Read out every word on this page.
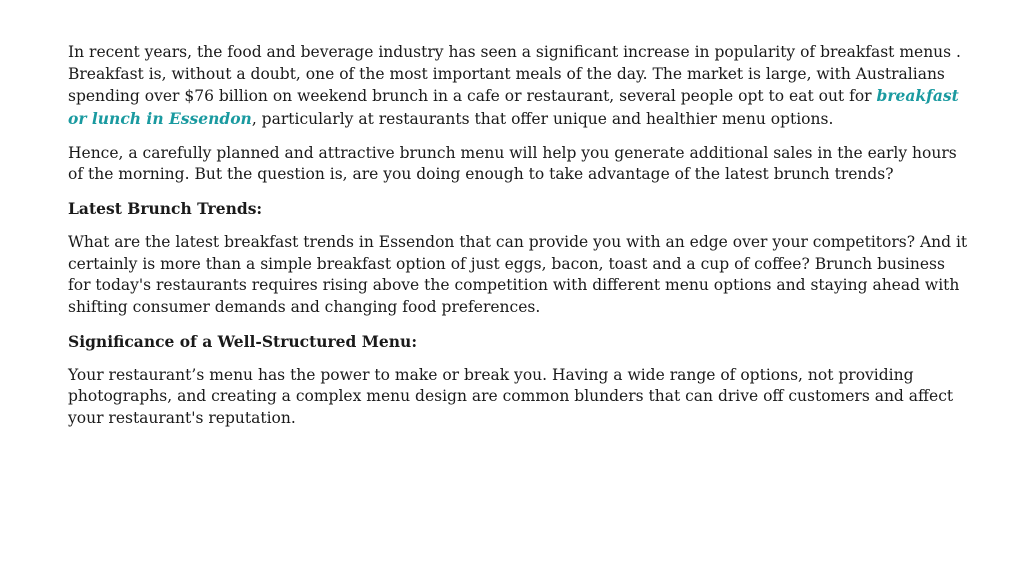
In recent years, the food and beverage industry has seen a significant increase in popularity of breakfast menus . Breakfast is, without a doubt, one of the most important meals of the day. The market is large, with Australians spending over $76 billion on weekend brunch in a cafe or restaurant, several people opt to eat out for breakfast or lunch in Essendon, particularly at restaurants that offer unique and healthier menu options.

Hence, a carefully planned and attractive brunch menu will help you generate additional sales in the early hours of the morning. But the question is, are you doing enough to take advantage of the latest brunch trends?

Latest Brunch Trends:

What are the latest breakfast trends in Essendon that can provide you with an edge over your competitors? And it certainly is more than a simple breakfast option of just eggs, bacon, toast and a cup of coffee? Brunch business for today's restaurants requires rising above the competition with different menu options and staying ahead with shifting consumer demands and changing food preferences.

Significance of a Well-Structured Menu:

Your restaurant’s menu has the power to make or break you. Having a wide range of options, not providing photographs, and creating a complex menu design are common blunders that can drive off customers and affect your restaurant's reputation.
